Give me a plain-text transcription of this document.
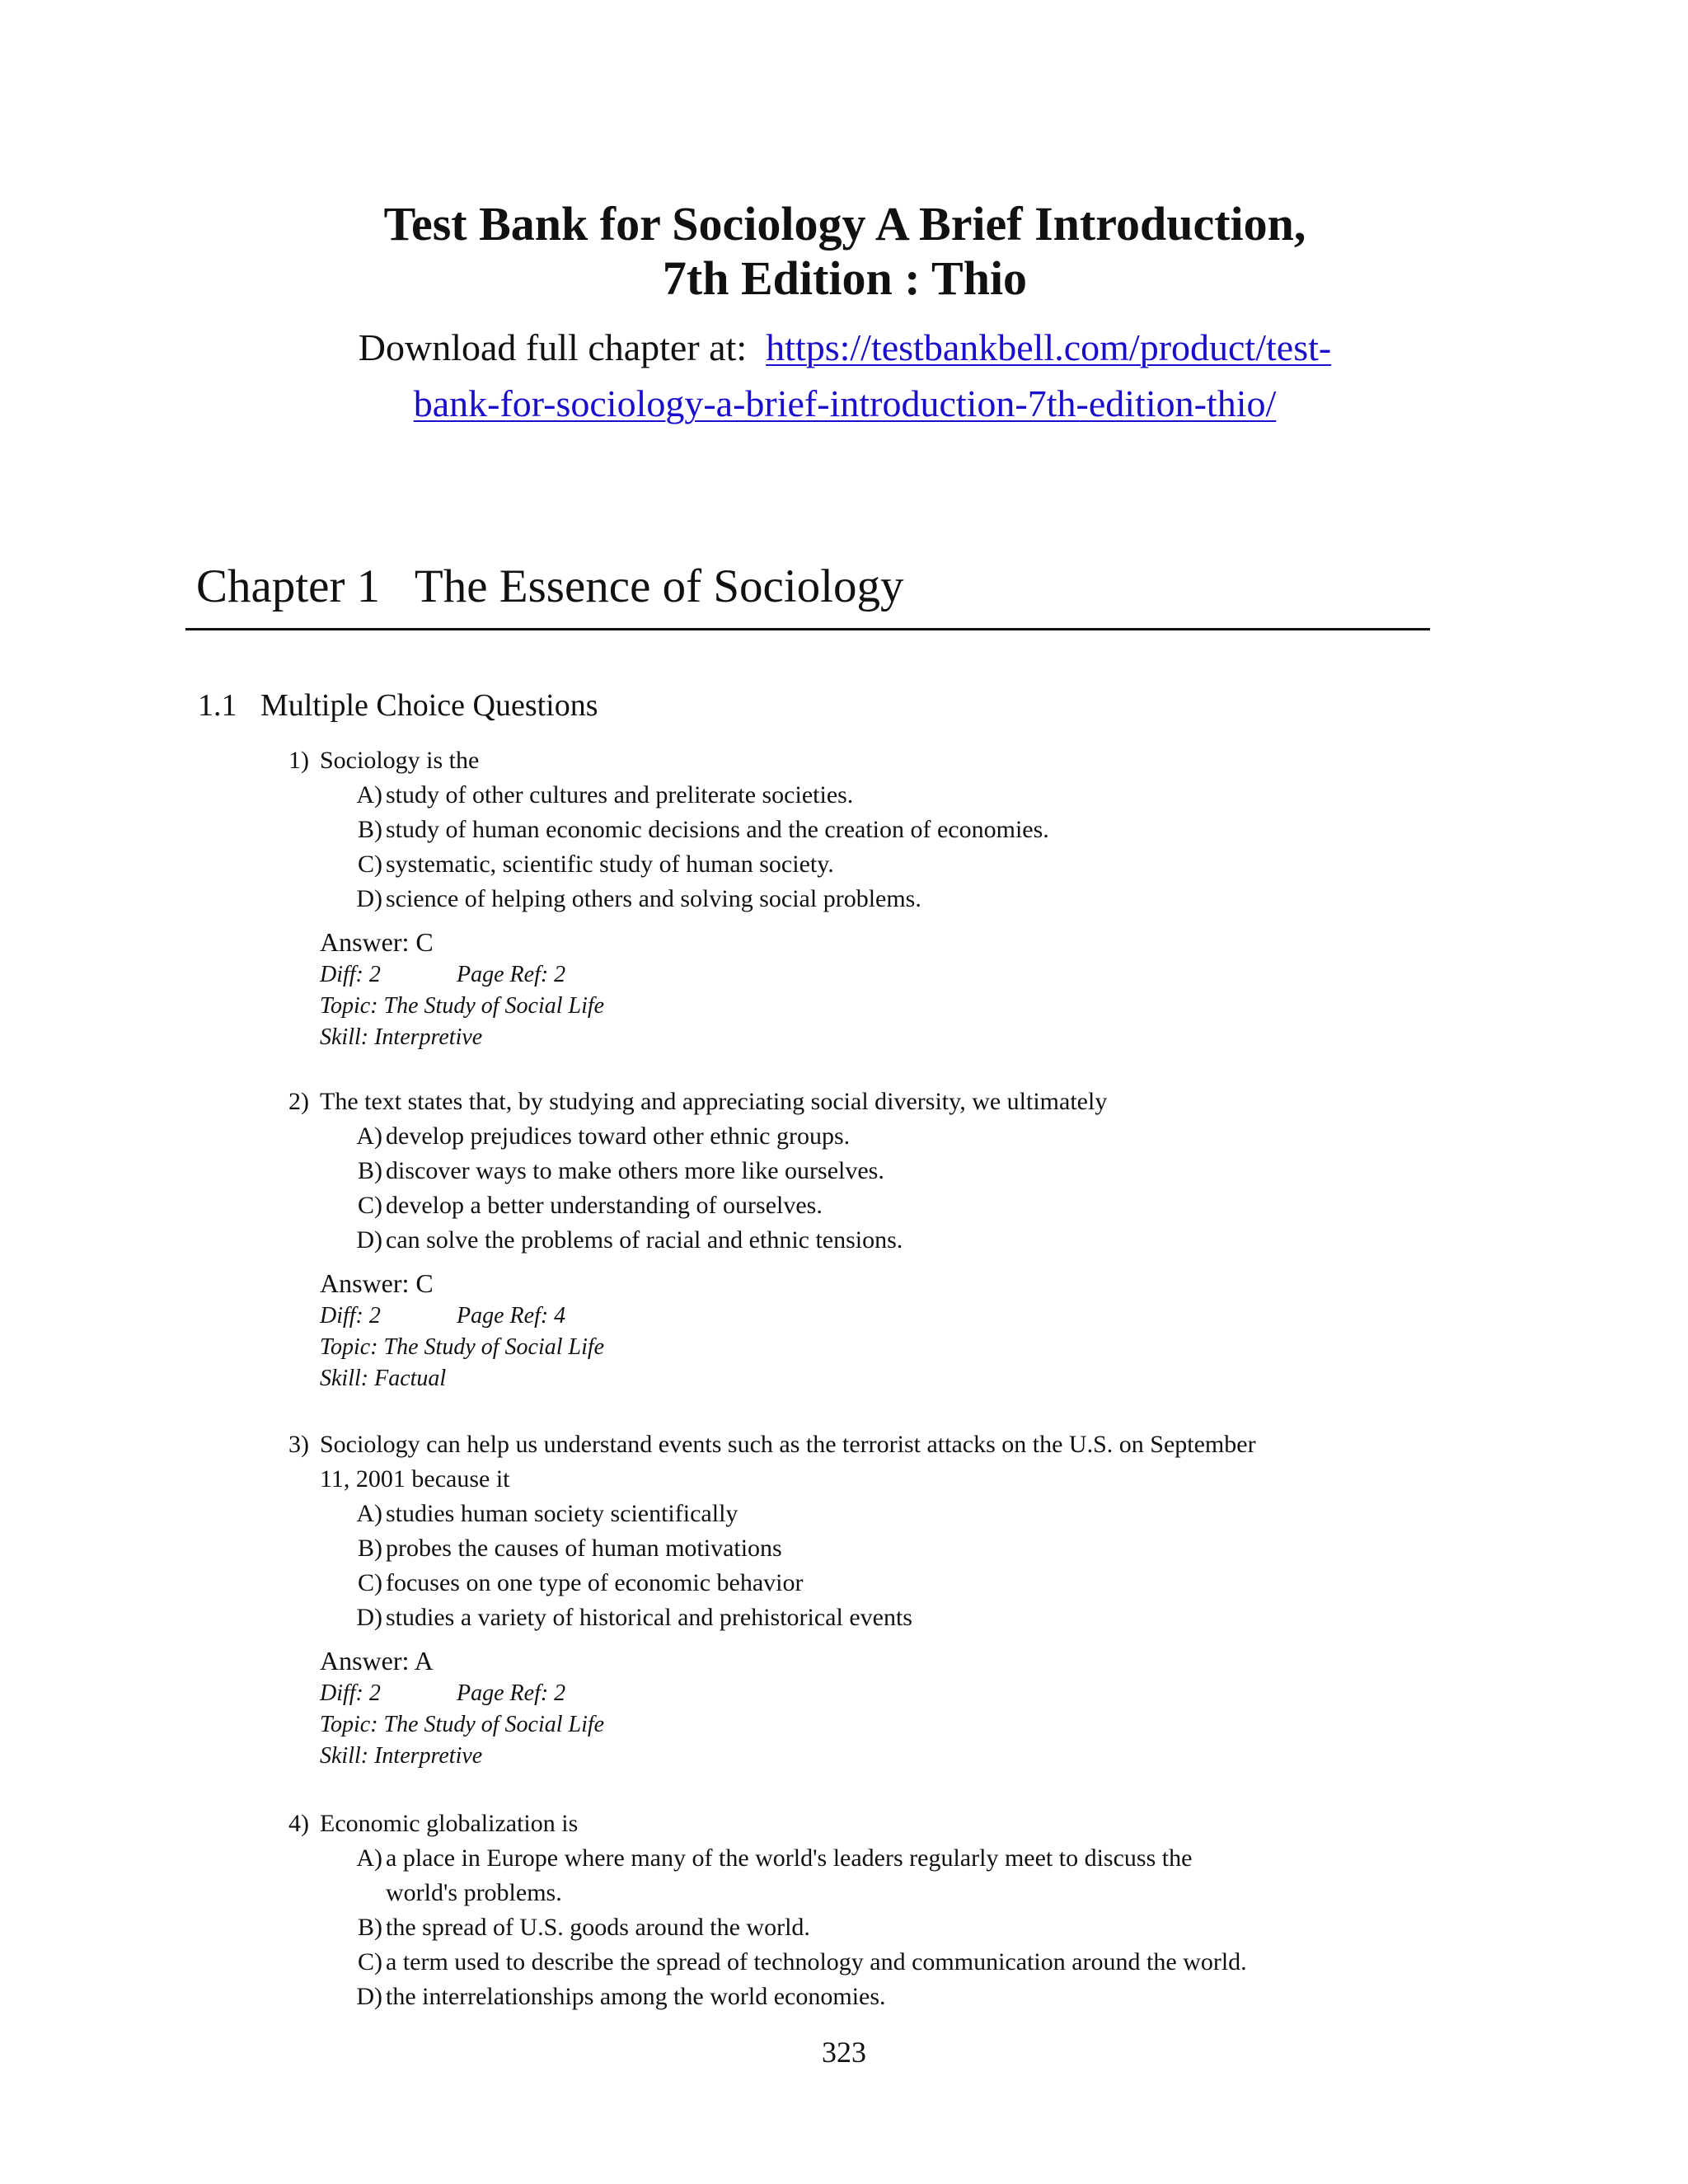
Test Bank for Sociology A Brief Introduction,
7th Edition : Thio
Download full chapter at: https://testbankbell.com/product/test-
bank-for-sociology-a-brief-introduction-7th-edition-thio/
Chapter 1 The Essence of Sociology
1.1 Multiple Choice Questions
1) Sociology is the
A) study of other cultures and preliterate societies.
B) study of human economic decisions and the creation of economies.
C) systematic, scientific study of human society.
D) science of helping others and solving social problems.
Answer: C
Diff: 2	Page Ref: 2
Topic: The Study of Social Life
Skill: Interpretive
2) The text states that, by studying and appreciating social diversity, we ultimately
A) develop prejudices toward other ethnic groups.
B) discover ways to make others more like ourselves.
C) develop a better understanding of ourselves.
D) can solve the problems of racial and ethnic tensions.
Answer: C
Diff: 2	Page Ref: 4
Topic: The Study of Social Life
Skill: Factual
3) Sociology can help us understand events such as the terrorist attacks on the U.S. on September
11, 2001 because it
A) studies human society scientifically
B) probes the causes of human motivations
C) focuses on one type of economic behavior
D) studies a variety of historical and prehistorical events
Answer: A
Diff: 2	Page Ref: 2
Topic: The Study of Social Life
Skill: Interpretive
4) Economic globalization is
A) a place in Europe where many of the world's leaders regularly meet to discuss the
world's problems.
B) the spread of U.S. goods around the world.
C) a term used to describe the spread of technology and communication around the world.
D) the interrelationships among the world economies.
323
